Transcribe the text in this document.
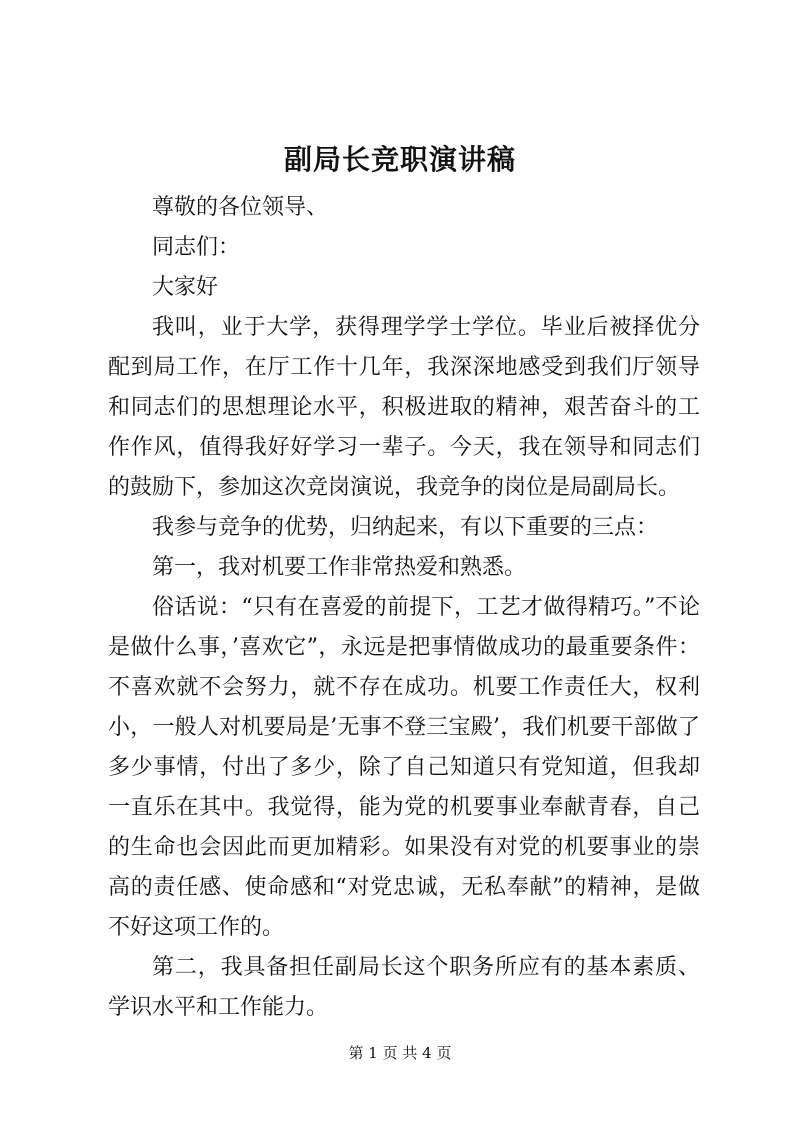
副局长竞职演讲稿

尊敬的各位领导、

同志们：

大家好

我叫，业于大学，获得理学学士学位。毕业后被择优分配到局工作，在厅工作十几年，我深深地感受到我们厅领导和同志们的思想理论水平，积极进取的精神，艰苦奋斗的工作作风，值得我好好学习一辈子。今天，我在领导和同志们的鼓励下，参加这次竞岗演说，我竞争的岗位是局副局长。

我参与竞争的优势，归纳起来，有以下重要的三点：

第一，我对机要工作非常热爱和熟悉。

俗话说：“只有在喜爱的前提下，工艺才做得精巧。”不论是做什么事，’喜欢它”，永远是把事情做成功的最重要条件：不喜欢就不会努力，就不存在成功。机要工作责任大，权利小，一般人对机要局是’无事不登三宝殿’，我们机要干部做了多少事情，付出了多少，除了自己知道只有党知道，但我却一直乐在其中。我觉得，能为党的机要事业奉献青春，自己的生命也会因此而更加精彩。如果没有对党的机要事业的崇高的责任感、使命感和“对党忠诚，无私奉献”的精神，是做不好这项工作的。

第二，我具备担任副局长这个职务所应有的基本素质、学识水平和工作能力。

第 1 页 共 4 页
